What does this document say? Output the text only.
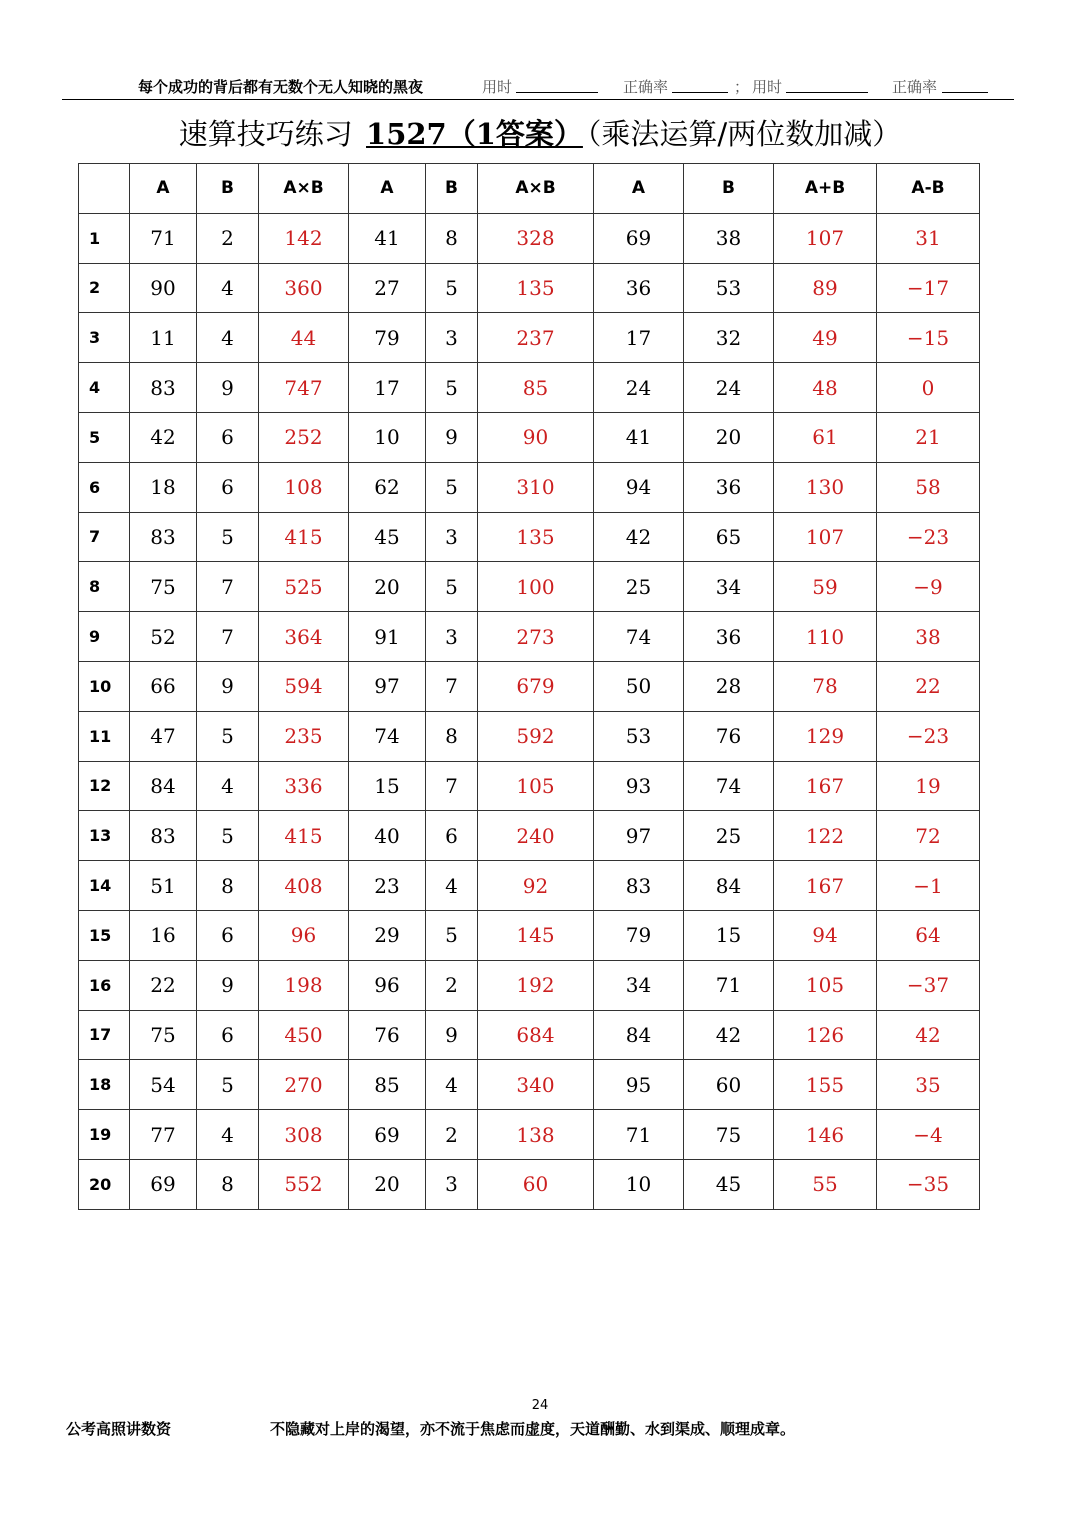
每个成功的背后都有无数个无人知晓的黑夜	用时	正确率	； 用时	正确率
速算技巧练习 1527（1答案） （乘法运算/两位数加减）
	A	B	A×B	A	B	A×B	A	B	A+B	A-B
1	71	2	142	41	8	328	69	38	107	31
2	90	4	360	27	5	135	36	53	89	−17
3	11	4	44	79	3	237	17	32	49	−15
4	83	9	747	17	5	85	24	24	48	0
5	42	6	252	10	9	90	41	20	61	21
6	18	6	108	62	5	310	94	36	130	58
7	83	5	415	45	3	135	42	65	107	−23
8	75	7	525	20	5	100	25	34	59	−9
9	52	7	364	91	3	273	74	36	110	38
10	66	9	594	97	7	679	50	28	78	22
11	47	5	235	74	8	592	53	76	129	−23
12	84	4	336	15	7	105	93	74	167	19
13	83	5	415	40	6	240	97	25	122	72
14	51	8	408	23	4	92	83	84	167	−1
15	16	6	96	29	5	145	79	15	94	64
16	22	9	198	96	2	192	34	71	105	−37
17	75	6	450	76	9	684	84	42	126	42
18	54	5	270	85	4	340	95	60	155	35
19	77	4	308	69	2	138	71	75	146	−4
20	69	8	552	20	3	60	10	45	55	−35
24
公考高照讲数资	不隐藏对上岸的渴望，亦不流于焦虑而虚度，天道酬勤、水到渠成、顺理成章。
